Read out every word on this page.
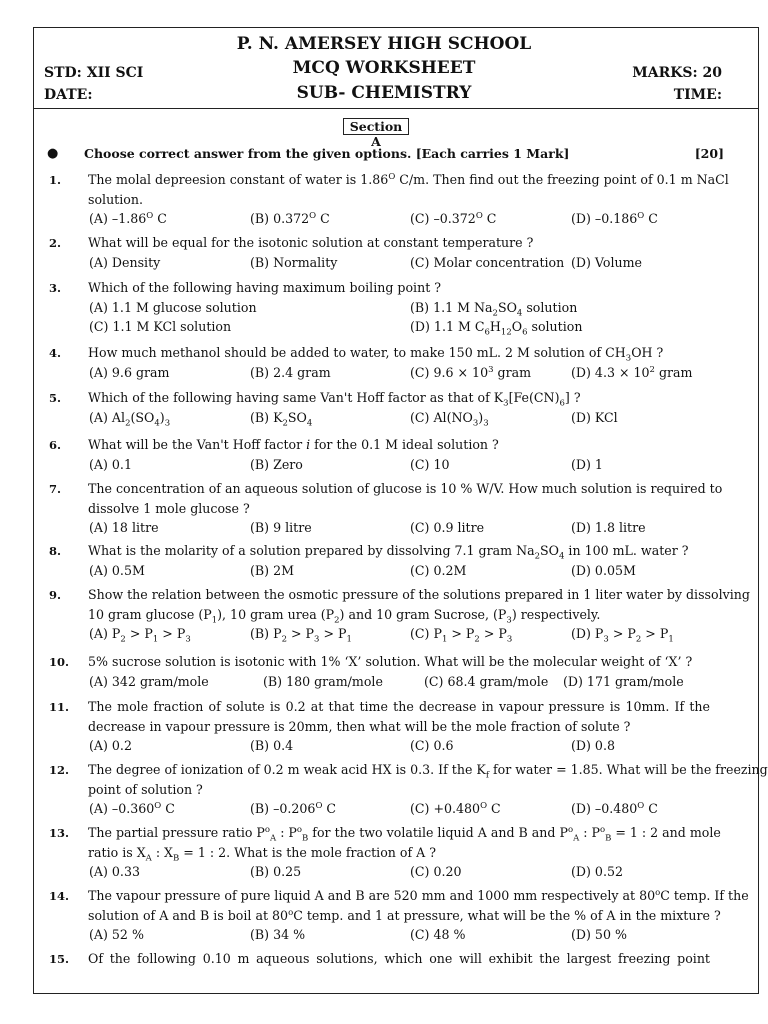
P. N. AMERSEY HIGH SCHOOL
MCQ WORKSHEET
SUB- CHEMISTRY
STD: XII SCI
DATE:
MARKS: 20
TIME:
Section A
● Choose correct answer from the given options. [Each carries 1 Mark]	[20]
1. The molal depreesion constant of water is $1.86^O$ C/m. Then find out the freezing point of 0.1 m NaCl
solution.
(A) $-1.86^O$ C	(B) $0.372^O$ C	(C) $-0.372^O$ C	(D) $-0.186^O$ C
2. What will be equal for the isotonic solution at constant temperature ?
(A) Density	(B) Normality	(C) Molar concentration (D) Volume
3. Which of the following having maximum boiling point ?
(A) 1.1 M glucose solution	(B) 1.1 M $Na_2SO_4$ solution
(C) 1.1 M KCl solution	(D) 1.1 M $C_6H_{12}O_6$ solution
4. How much methanol should be added to water, to make 150 mL. 2 M solution of $CH_3OH$ ?
(A) 9.6 gram	(B) 2.4 gram	(C) $9.6 \times 10^3$ gram	(D) $4.3 \times 10^2$ gram
5. Which of the following having same Van't Hoff factor as that of $K_3[Fe(CN)_6]$ ?
(A) $Al_2(SO_4)_3$	(B) $K_2SO_4$	(C) $Al(NO_3)_3$	(D) KCl
6. What will be the Van't Hoff factor i for the 0.1 M ideal solution ?
(A) 0.1	(B) Zero	(C) 10	(D) 1
7. The concentration of an aqueous solution of glucose is 10 % W/V. How much solution is required to
dissolve 1 mole glucose ?
(A) 18 litre	(B) 9 litre	(C) 0.9 litre	(D) 1.8 litre
8. What is the molarity of a solution prepared by dissolving 7.1 gram $Na_2SO_4$ in 100 mL. water ?
(A) 0.5M	(B) 2M	(C) 0.2M	(D) 0.05M
9. Show the relation between the osmotic pressure of the solutions prepared in 1 liter water by dissolving
10 gram glucose $(P_1)$, 10 gram urea $(P_2)$ and 10 gram Sucrose, $(P_3)$ respectively.
(A) $P_2 > P_1 > P_3$	(B) $P_2 > P_3 > P_1$	(C) $P_1 > P_2 > P_3$	(D) $P_3 > P_2 > P_1$
10. 5% sucrose solution is isotonic with 1% ‘X’ solution. What will be the molecular weight of ‘X’ ?
(A) 342 gram/mole	(B) 180 gram/mole	(C) 68.4 gram/mole (D) 171 gram/mole
11. The mole fraction of solute is 0.2 at that time the decrease in vapour pressure is 10mm. If the
decrease in vapour pressure is 20mm, then what will be the mole fraction of solute ?
(A) 0.2	(B) 0.4	(C) 0.6	(D) 0.8
12. The degree of ionization of 0.2 m weak acid HX is 0.3. If the $K_f$ for water = 1.85. What will be the freezing
point of solution ?
(A) $-0.360^O$ C	(B) $-0.206^O$ C	$(C) +0.480^O$ C	(D) $-0.480^O$ C
13. The partial pressure ratio $P^o_A$ : $P^o_B$ for the two volatile liquid A and B and $P^o_A$ : $P^o_B = 1$ : 2 and mole
ratio is $X_A$ : $X_B = 1$ : 2. What is the mole fraction of A ?
(A) 0.33	(B) 0.25	(C) 0.20	(D) 0.52
14. The vapour pressure of pure liquid A and B are 520 mm and 1000 mm respectively at 80$^o$C temp. If the
solution of A and B is boil at 80$^o$C temp. and 1 at pressure, what will be the % of A in the mixture ?
(A) 52 %	(B) 34 %	(C) 48 %	(D) 50 %
15. Of the following 0.10 m aqueous solutions, which one will exhibit the largest freezing point
